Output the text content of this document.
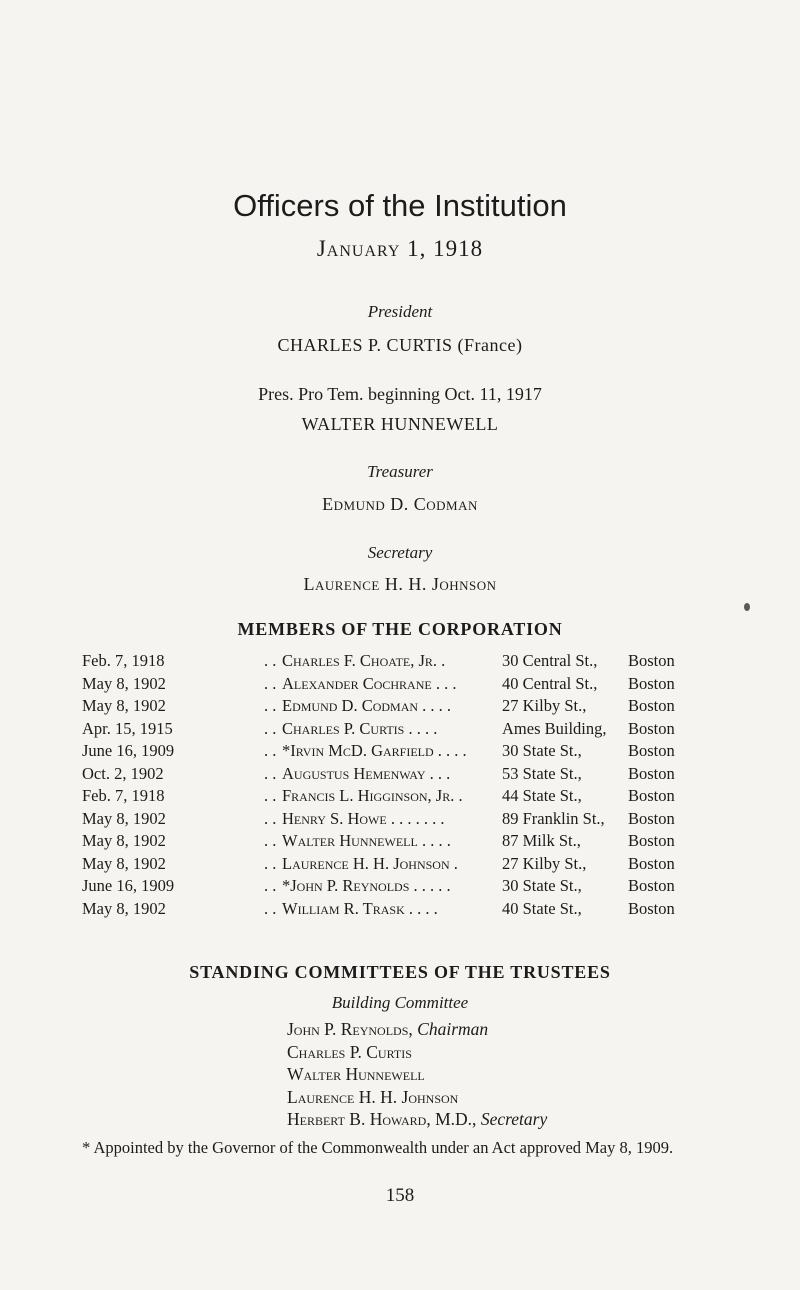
Officers of the Institution
January 1, 1918
President
CHARLES P. CURTIS (France)
Pres. Pro Tem. beginning Oct. 11, 1917
WALTER HUNNEWELL
Treasurer
Edmund D. Codman
Secretary
Laurence H. H. Johnson
MEMBERS OF THE CORPORATION
Feb. 7, 1918	. . Charles F. Choate, Jr. .	30 Central St., Boston
May 8, 1902	. . Alexander Cochrane . . .	40 Central St., Boston
May 8, 1902	. . Edmund D. Codman . . . .	27 Kilby St.,	Boston
Apr. 15, 1915	. . Charles P. Curtis . . . .	Ames Building, Boston
June 16, 1909	. . *Irvin McD. Garfield . . . . 30 State St.,	Boston
Oct. 2, 1902	. . Augustus Hemenway . . .	53 State St.,	Boston
Feb. 7, 1918	. . Francis L. Higginson, Jr. . 44 State St.,	Boston
May 8, 1902	. . Henry S. Howe . . . . . . .	89 Franklin St., Boston
May 8, 1902	. . Walter Hunnewell . . . .	87 Milk St.,	Boston
May 8, 1902	. . Laurence H. H. Johnson .	27 Kilby St.,	Boston
June 16, 1909	. . *John P. Reynolds . . . . .	30 State St.,	Boston
May 8, 1902	. . William R. Trask . . . .	40 State St.,	Boston
STANDING COMMITTEES OF THE TRUSTEES
Building Committee
John P. Reynolds, Chairman
Charles P. Curtis
Walter Hunnewell
Laurence H. H. Johnson
Herbert B. Howard, M.D., Secretary
* Appointed by the Governor of the Commonwealth under an Act approved May 8, 1909.
158
